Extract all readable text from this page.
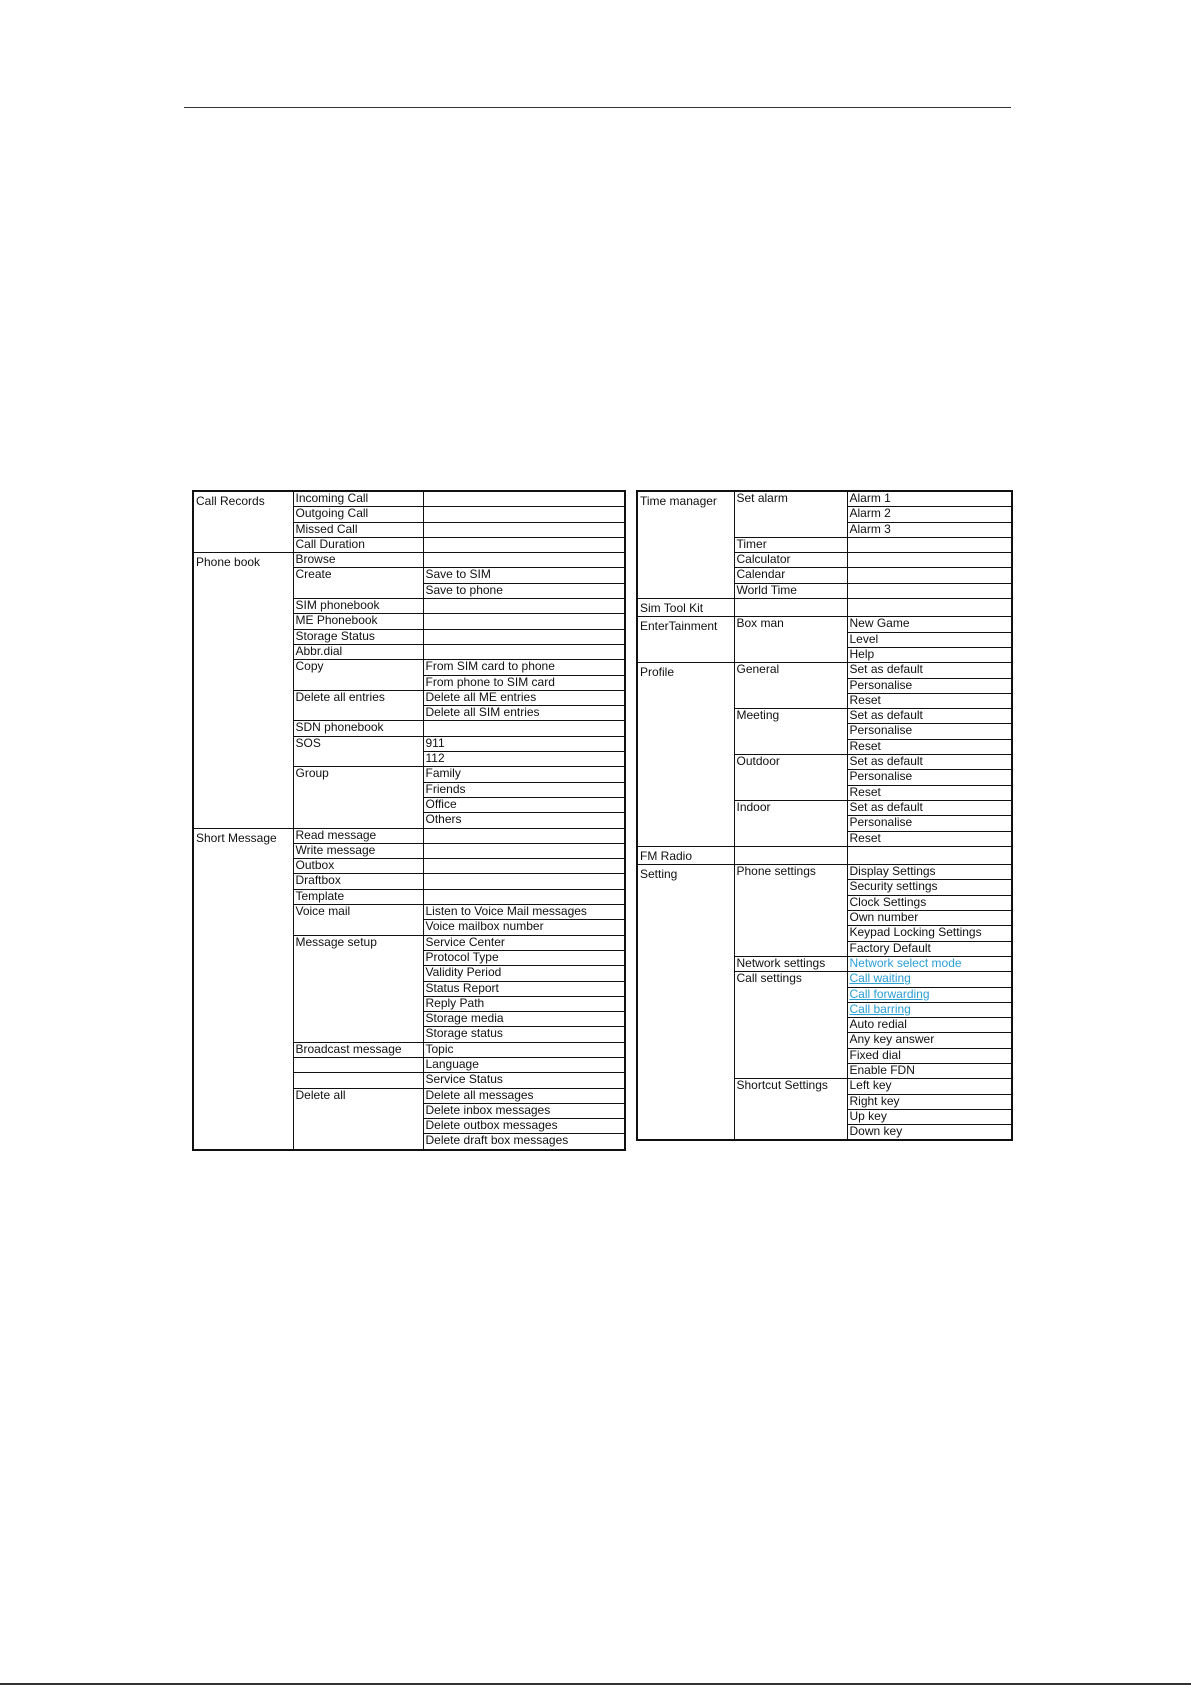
Call Records	Incoming Call	
	Outgoing Call	
	Missed Call	
	Call Duration	
Phone book	Browse	
	Create	Save to SIM
		Save to phone
	SIM phonebook	
	ME Phonebook	
	Storage Status	
	Abbr.dial	
	Copy	From SIM card to phone
		From phone to SIM card
	Delete all entries	Delete all ME entries
		Delete all SIM entries
	SDN phonebook	
	SOS	911
		112
	Group	Family
		Friends
		Office
		Others
Short Message	Read message	
	Write message	
	Outbox	
	Draftbox	
	Template	
	Voice mail	Listen to Voice Mail messages
		Voice mailbox number
	Message setup	Service Center
		Protocol Type
		Validity Period
		Status Report
		Reply Path
		Storage media
		Storage status
	Broadcast message	Topic
		Language
		Service Status
	Delete all	Delete all messages
		Delete inbox messages
		Delete outbox messages
		Delete draft box messages
Time manager	Set alarm	Alarm 1
		Alarm 2
		Alarm 3
	Timer	
	Calculator	
	Calendar	
	World Time	
Sim Tool Kit		
EnterTainment	Box man	New Game
		Level
		Help
Profile	General	Set as default
		Personalise
		Reset
	Meeting	Set as default
		Personalise
		Reset
	Outdoor	Set as default
		Personalise
		Reset
	Indoor	Set as default
		Personalise
		Reset
FM Radio		
Setting	Phone settings	Display Settings
		Security settings
		Clock Settings
		Own number
		Keypad Locking Settings
		Factory Default
	Network settings	Network select mode
	Call settings	Call waiting
		Call forwarding
		Call barring
		Auto redial
		Any key answer
		Fixed dial
		Enable FDN
	Shortcut Settings	Left key
		Right key
		Up key
		Down key
